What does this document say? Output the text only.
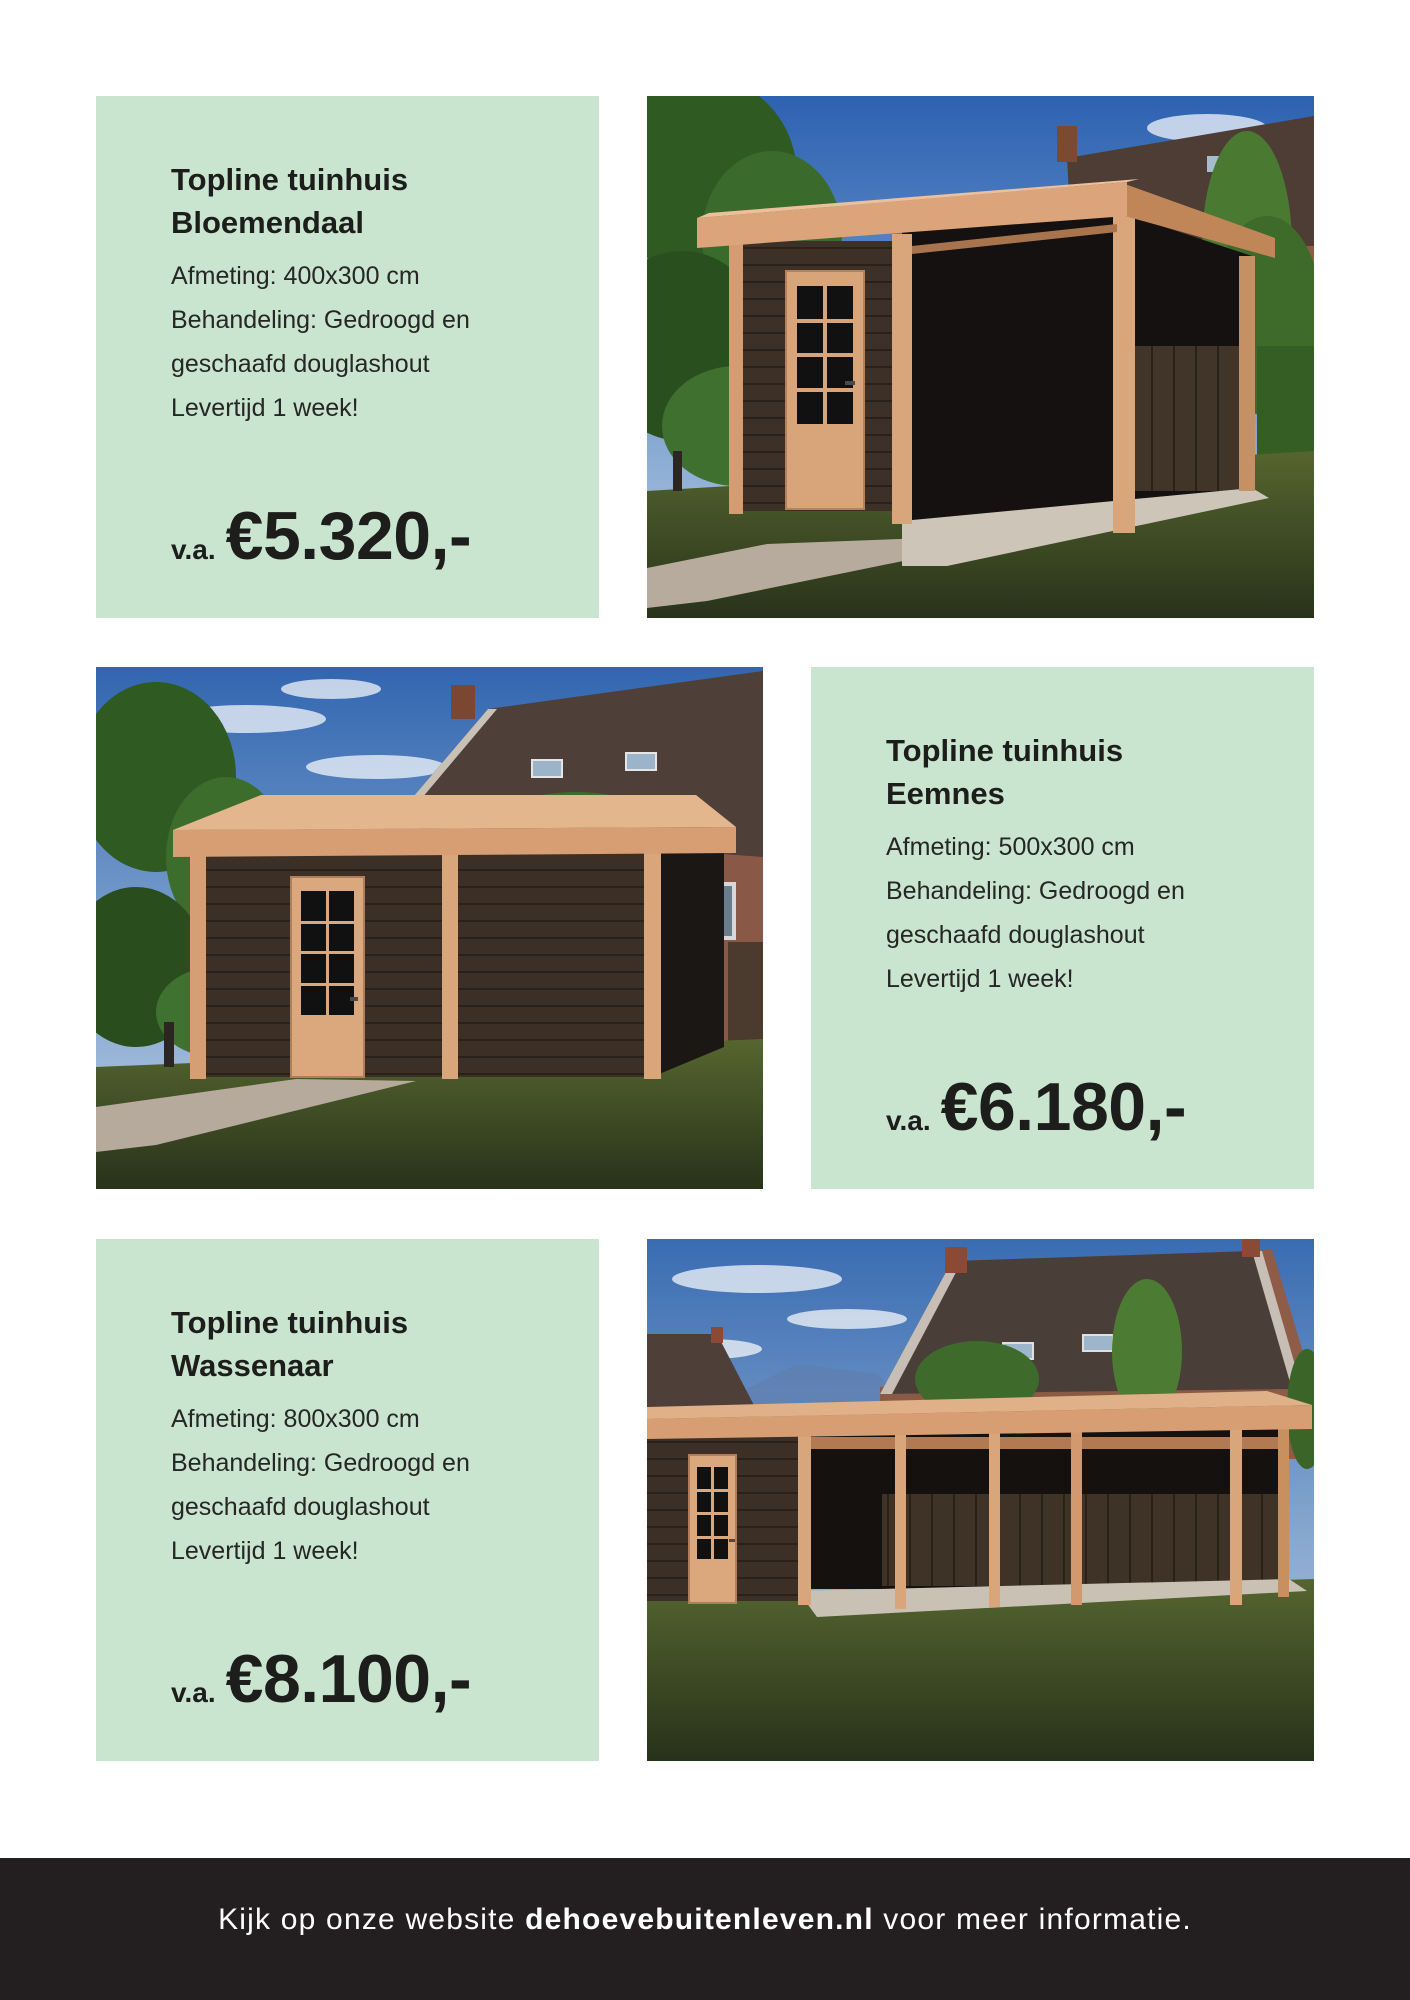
Topline tuinhuis
Bloemendaal
Afmeting: 400x300 cm
Behandeling: Gedroogd en
geschaafd douglashout
Levertijd 1 week!
v.a. €5.320,-
Topline tuinhuis
Eemnes
Afmeting: 500x300 cm
Behandeling: Gedroogd en
geschaafd douglashout
Levertijd 1 week!
v.a. €6.180,-
Topline tuinhuis
Wassenaar
Afmeting: 800x300 cm
Behandeling: Gedroogd en
geschaafd douglashout
Levertijd 1 week!
v.a. €8.100,-
Kijk op onze website dehoevebuitenleven.nl voor meer informatie.
